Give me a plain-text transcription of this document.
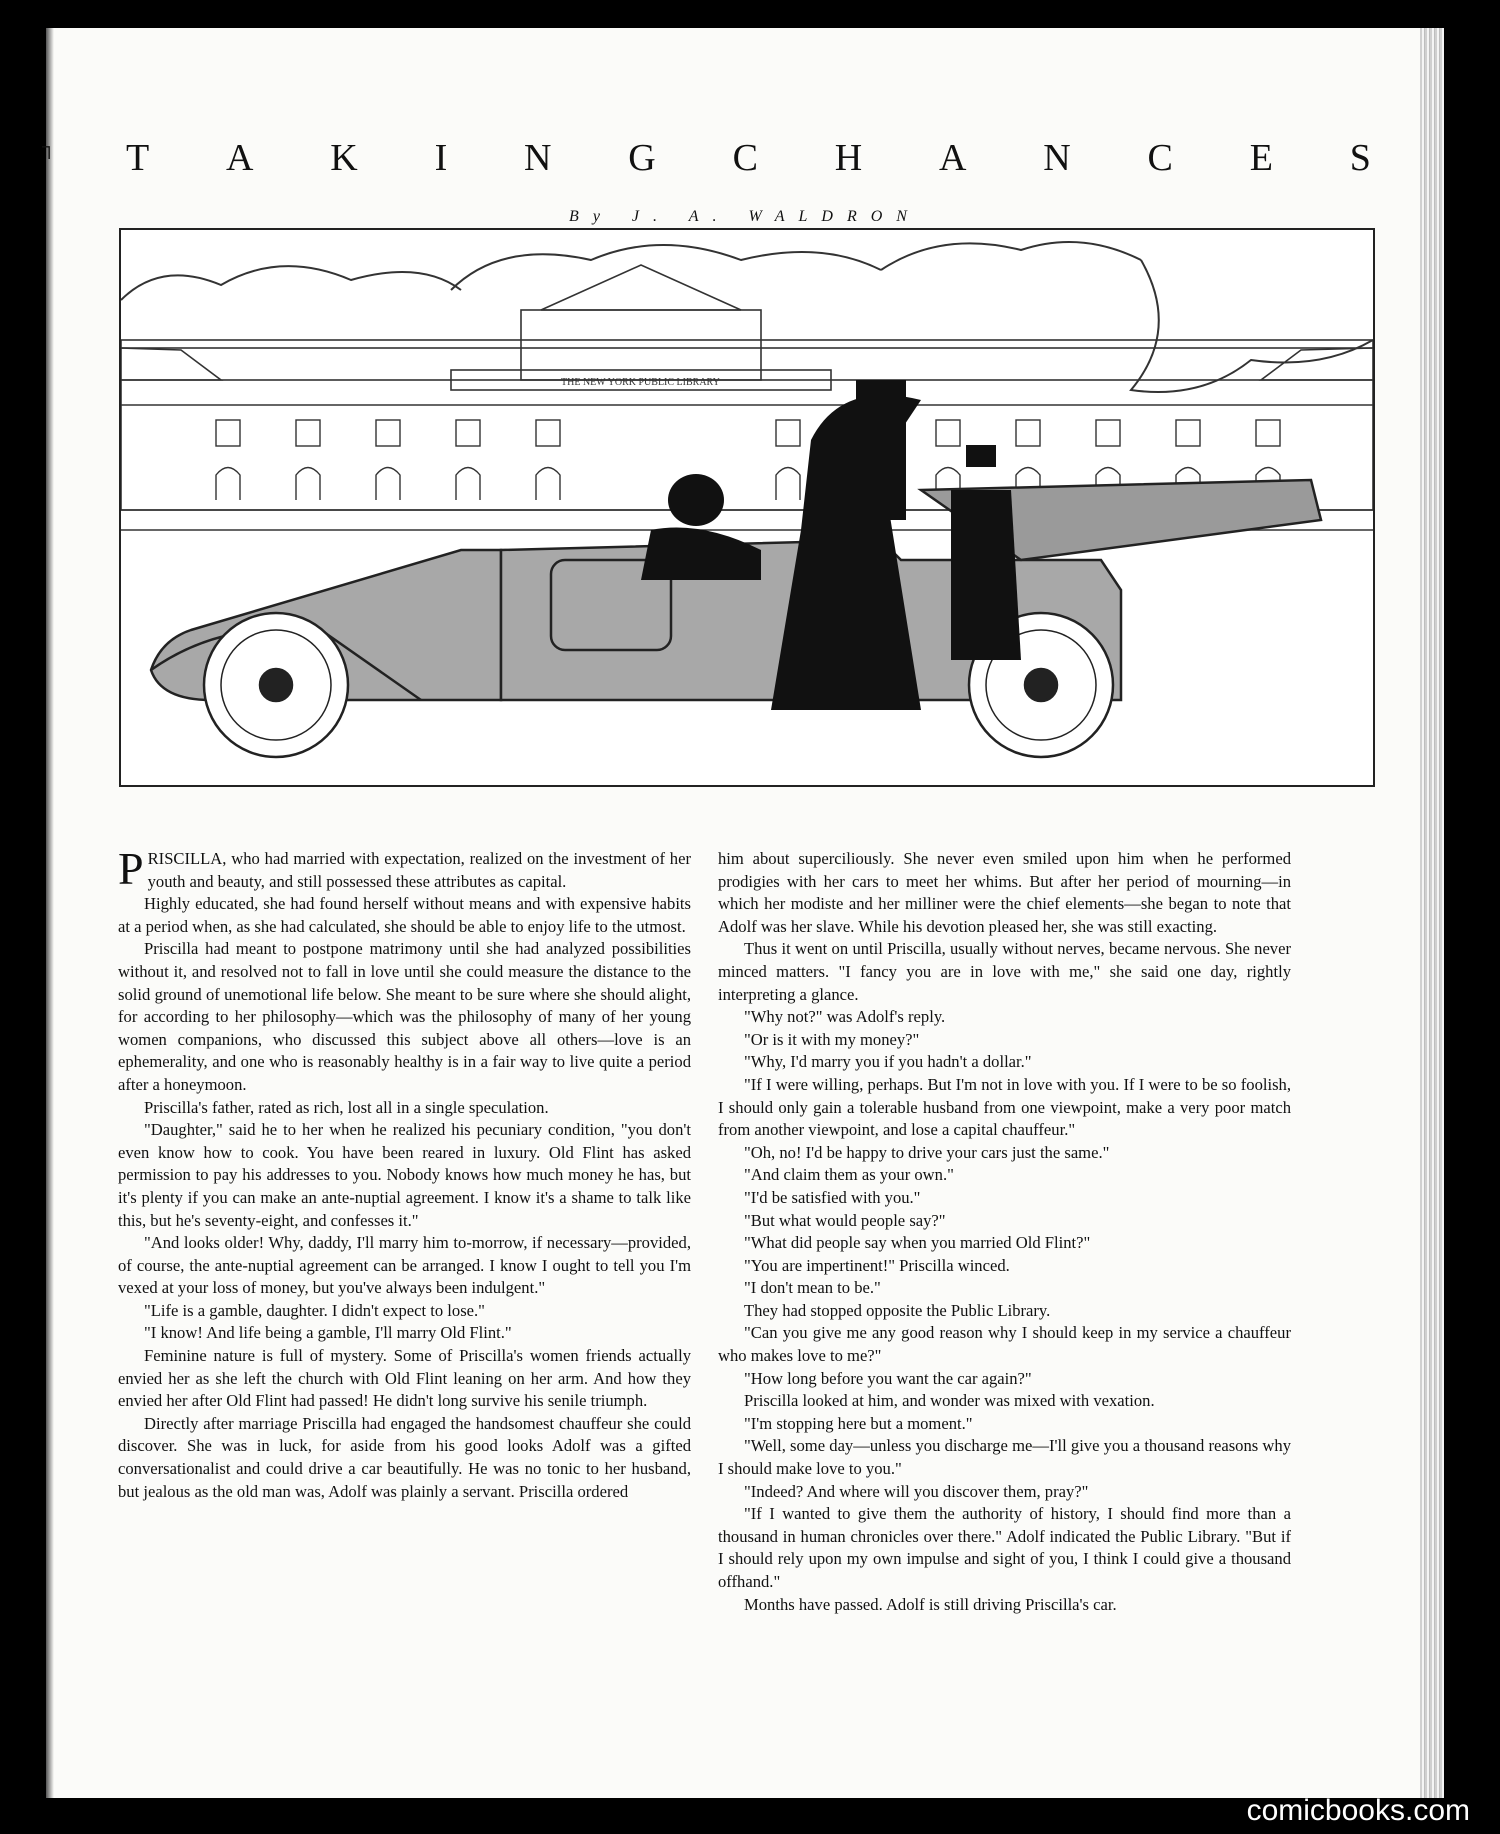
┐ T A K I N G C H A N C E S
By J. A. WALDRON
THE NEW YORK PUBLIC LIBRARY

PRISCILLA, who had married with expectation, realized on the investment of her youth and beauty, and still possessed these attributes as capital.

Highly educated, she had found herself without means and with expensive habits at a period when, as she had calculated, she should be able to enjoy life to the utmost.

Priscilla had meant to postpone matrimony until she had analyzed possibilities without it, and resolved not to fall in love until she could measure the distance to the solid ground of unemotional life below. She meant to be sure where she should alight, for according to her philosophy—which was the philosophy of many of her young women companions, who discussed this subject above all others—love is an ephemerality, and one who is reasonably healthy is in a fair way to live quite a period after a honeymoon.

Priscilla's father, rated as rich, lost all in a single speculation.

"Daughter," said he to her when he realized his pecuniary condition, "you don't even know how to cook. You have been reared in luxury. Old Flint has asked permission to pay his addresses to you. Nobody knows how much money he has, but it's plenty if you can make an ante-nuptial agreement. I know it's a shame to talk like this, but he's seventy-eight, and confesses it."

"And looks older! Why, daddy, I'll marry him to-morrow, if necessary—provided, of course, the ante-nuptial agreement can be arranged. I know I ought to tell you I'm vexed at your loss of money, but you've always been indulgent."

"Life is a gamble, daughter. I didn't expect to lose."

"I know! And life being a gamble, I'll marry Old Flint."

Feminine nature is full of mystery. Some of Priscilla's women friends actually envied her as she left the church with Old Flint leaning on her arm. And how they envied her after Old Flint had passed! He didn't long survive his senile triumph.

Directly after marriage Priscilla had engaged the handsomest chauffeur she could discover. She was in luck, for aside from his good looks Adolf was a gifted conversationalist and could drive a car beautifully. He was no tonic to her husband, but jealous as the old man was, Adolf was plainly a servant. Priscilla ordered

him about superciliously. She never even smiled upon him when he performed prodigies with her cars to meet her whims. But after her period of mourning—in which her modiste and her milliner were the chief elements—she began to note that Adolf was her slave. While his devotion pleased her, she was still exacting.

Thus it went on until Priscilla, usually without nerves, became nervous. She never minced matters. "I fancy you are in love with me," she said one day, rightly interpreting a glance.

"Why not?" was Adolf's reply.

"Or is it with my money?"

"Why, I'd marry you if you hadn't a dollar."

"If I were willing, perhaps. But I'm not in love with you. If I were to be so foolish, I should only gain a tolerable husband from one viewpoint, make a very poor match from another viewpoint, and lose a capital chauffeur."

"Oh, no! I'd be happy to drive your cars just the same."

"And claim them as your own."

"I'd be satisfied with you."

"But what would people say?"

"What did people say when you married Old Flint?"

"You are impertinent!" Priscilla winced.

"I don't mean to be."

They had stopped opposite the Public Library.

"Can you give me any good reason why I should keep in my service a chauffeur who makes love to me?"

"How long before you want the car again?"

Priscilla looked at him, and wonder was mixed with vexation.

"I'm stopping here but a moment."

"Well, some day—unless you discharge me—I'll give you a thousand reasons why I should make love to you."

"Indeed? And where will you discover them, pray?"

"If I wanted to give them the authority of history, I should find more than a thousand in human chronicles over there." Adolf indicated the Public Library. "But if I should rely upon my own impulse and sight of you, I think I could give a thousand offhand."

Months have passed. Adolf is still driving Priscilla's car.

comicbooks.com
